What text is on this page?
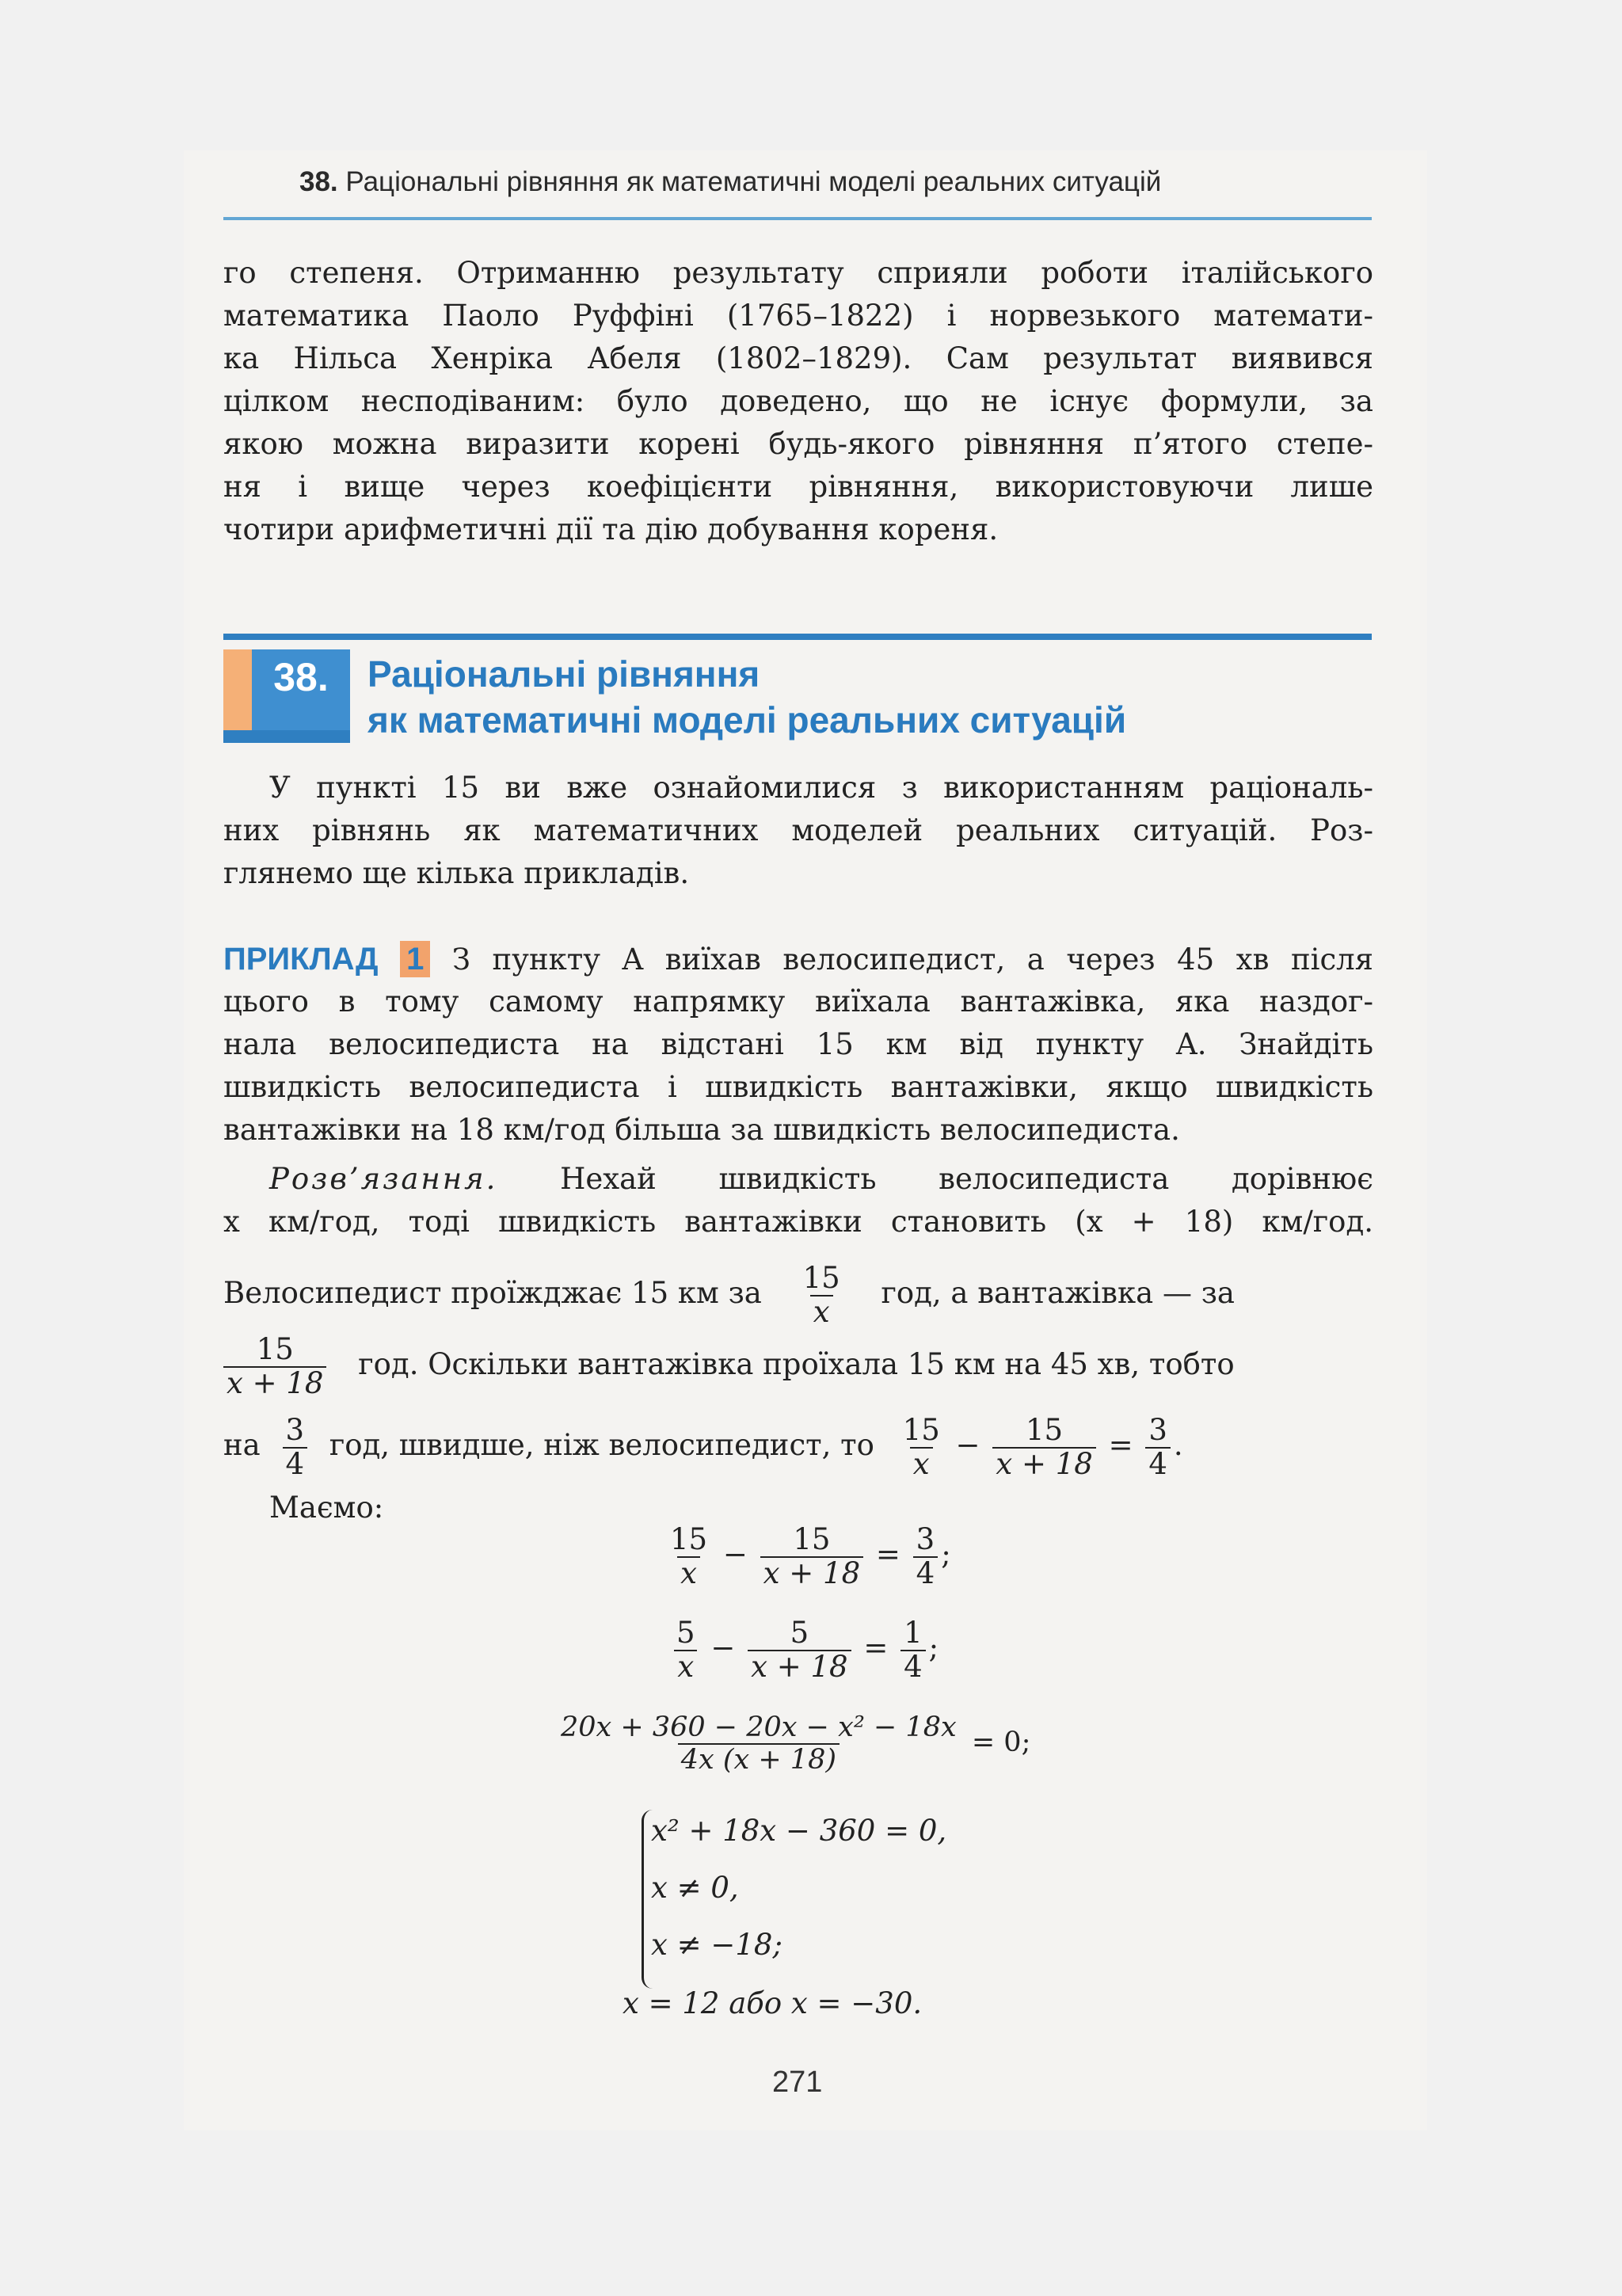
38. Раціональні рівняння як математичні моделі реальних ситуацій
го степеня. Отриманню результату сприяли роботи італійського
математика Паоло Руффіні (1765–1822) і норвезького математи-
ка Нільса Хенріка Абеля (1802–1829). Сам результат виявився
цілком несподіваним: було доведено, що не існує формули, за
якою можна виразити корені будь-якого рівняння п’ятого степе-
ня і вище через коефіцієнти рівняння, використовуючи лише
чотири арифметичні дії та дію добування кореня.
38.	Раціональні рівняння
як математичні моделі реальних ситуацій
У пункті 15 ви вже ознайомилися з використанням раціональ-
них рівнянь як математичних моделей реальних ситуацій. Роз-
глянемо ще кілька прикладів.
ПРИКЛАД 1 З пункту A виїхав велосипедист, а через 45 хв після
цього в тому самому напрямку виїхала вантажівка, яка наздог-
нала велосипедиста на відстані 15 км від пункту A. Знайдіть
швидкість велосипедиста і швидкість вантажівки, якщо швидкість
вантажівки на 18 км/год більша за швидкість велосипедиста.
Розв’язання. Нехай швидкість велосипедиста дорівнює
x км/год, тоді швидкість вантажівки становить (x + 18) км/год.
Велосипедист проїжджає 15 км за $\frac{15}{x}$ год, а вантажівка — за
$\frac{15}{x + 18}$ год. Оскільки вантажівка проїхала 15 км на 45 хв, тобто
на $\frac{3}{4}$ год, швидше, ніж велосипедист, то $\frac{15}{x} - \frac{15}{x + 18} = \frac{3}{4}$ .
Маємо:
$\frac{15}{x} - \frac{15}{x + 18} = \frac{3}{4}$ ;
$\frac{5}{x} - \frac{5}{x + 18} = \frac{1}{4}$ ;
$\frac{\text{20x + 360 − 20x − x² − 18x}}{4x (x + 18)} = 0$;
x² + 18x − 360 = 0,
x ≠ 0,
x ≠ −18;
x = 12 або x = −30.
271
